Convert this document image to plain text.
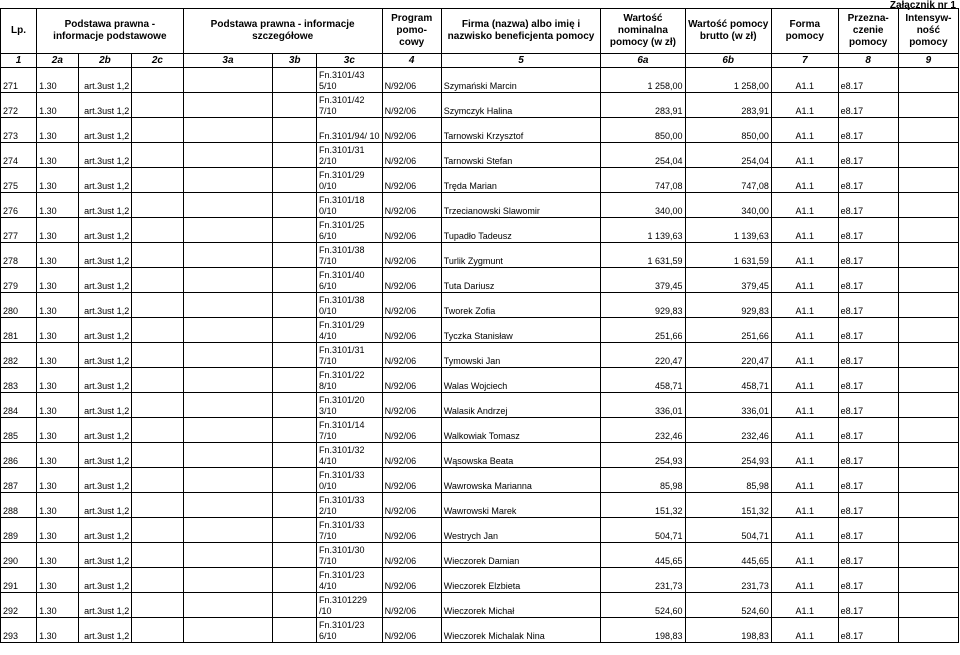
Załącznik nr 1
Lp.	Podstawa prawna - informacje podstawowe			Podstawa prawna - informacje szczegółowe			Program pomo-cowy	Firma (nazwa) albo imię i nazwisko beneficjenta pomocy	Wartość nominalna pomocy (w zł)	Wartość pomocy brutto (w zł)	Forma pomocy	Przezna-czenie pomocy	Intensyw-ność pomocy
1	2a	2b	2c	3a	3b	3c	4	5	6a	6b	7	8	9
271	1.30	art.3ust 1,2				Fn.3101/43 5/10	N/92/06	Szymański Marcin	1 258,00	1 258,00	A1.1	e8.17	
272	1.30	art.3ust 1,2				Fn.3101/42 7/10	N/92/06	Szymczyk Halina	283,91	283,91	A1.1	e8.17	
273	1.30	art.3ust 1,2				Fn.3101/94/ 10	N/92/06	Tarnowski Krzysztof	850,00	850,00	A1.1	e8.17	
274	1.30	art.3ust 1,2				Fn.3101/31 2/10	N/92/06	Tarnowski Stefan	254,04	254,04	A1.1	e8.17	
275	1.30	art.3ust 1,2				Fn.3101/29 0/10	N/92/06	Tręda Marian	747,08	747,08	A1.1	e8.17	
276	1.30	art.3ust 1,2				Fn.3101/18 0/10	N/92/06	Trzecianowski Slawomir	340,00	340,00	A1.1	e8.17	
277	1.30	art.3ust 1,2				Fn.3101/25 6/10	N/92/06	Tupadło Tadeusz	1 139,63	1 139,63	A1.1	e8.17	
278	1.30	art.3ust 1,2				Fn.3101/38 7/10	N/92/06	Turlik Zygmunt	1 631,59	1 631,59	A1.1	e8.17	
279	1.30	art.3ust 1,2				Fn.3101/40 6/10	N/92/06	Tuta Dariusz	379,45	379,45	A1.1	e8.17	
280	1.30	art.3ust 1,2				Fn.3101/38 0/10	N/92/06	Tworek Zofia	929,83	929,83	A1.1	e8.17	
281	1.30	art.3ust 1,2				Fn.3101/29 4/10	N/92/06	Tyczka Stanisław	251,66	251,66	A1.1	e8.17	
282	1.30	art.3ust 1,2				Fn.3101/31 7/10	N/92/06	Tymowski Jan	220,47	220,47	A1.1	e8.17	
283	1.30	art.3ust 1,2				Fn.3101/22 8/10	N/92/06	Walas Wojciech	458,71	458,71	A1.1	e8.17	
284	1.30	art.3ust 1,2				Fn.3101/20 3/10	N/92/06	Walasik Andrzej	336,01	336,01	A1.1	e8.17	
285	1.30	art.3ust 1,2				Fn.3101/14 7/10	N/92/06	Walkowiak Tomasz	232,46	232,46	A1.1	e8.17	
286	1.30	art.3ust 1,2				Fn.3101/32 4/10	N/92/06	Wąsowska Beata	254,93	254,93	A1.1	e8.17	
287	1.30	art.3ust 1,2				Fn.3101/33 0/10	N/92/06	Wawrowska Marianna	85,98	85,98	A1.1	e8.17	
288	1.30	art.3ust 1,2				Fn.3101/33 2/10	N/92/06	Wawrowski Marek	151,32	151,32	A1.1	e8.17	
289	1.30	art.3ust 1,2				Fn.3101/33 7/10	N/92/06	Westrych Jan	504,71	504,71	A1.1	e8.17	
290	1.30	art.3ust 1,2				Fn.3101/30 7/10	N/92/06	Wieczorek Damian	445,65	445,65	A1.1	e8.17	
291	1.30	art.3ust 1,2				Fn.3101/23 4/10	N/92/06	Wieczorek Elzbieta	231,73	231,73	A1.1	e8.17	
292	1.30	art.3ust 1,2				Fn.3101229 /10	N/92/06	Wieczorek Michał	524,60	524,60	A1.1	e8.17	
293	1.30	art.3ust 1,2				Fn.3101/23 6/10	N/92/06	Wieczorek Michalak Nina	198,83	198,83	A1.1	e8.17	
